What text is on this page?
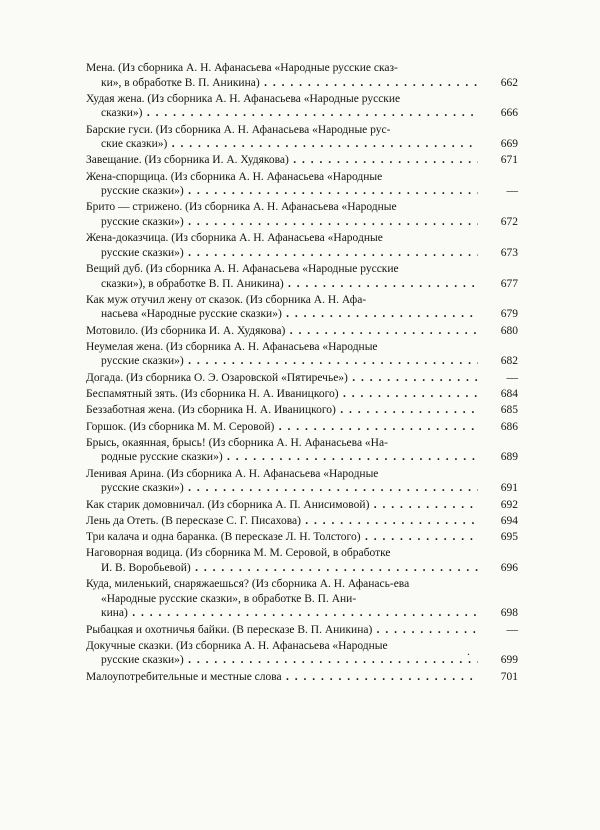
Мена. (Из сборника А. Н. Афанасьева «Народные русские сказ-
ки», в обработке В. П. Аникина) . . .	662
Худая жена. (Из сборника А. Н. Афанасьева «Народные русские
сказки») . . .	666
Барские гуси. (Из сборника А. Н. Афанасьева «Народные рус-
ские сказки») . . .	669
Завещание. (Из сборника И. А. Худякова) . . .	671
Жена-спорщица. (Из сборника А. Н. Афанасьева «Народные
русские сказки») . . .	—
Брито — стрижено. (Из сборника А. Н. Афанасьева «Народные
русские сказки») . . .	672
Жена-доказчица. (Из сборника А. Н. Афанасьева «Народные
русские сказки») . . .	673
Вещий дуб. (Из сборника А. Н. Афанасьева «Народные русские
сказки»), в обработке В. П. Аникина) . . .	677
Как муж отучил жену от сказок. (Из сборника А. Н. Афа-
насьева «Народные русские сказки») . . .	679
Мотовило. (Из сборника И. А. Худякова) . . .	680
Неумелая жена. (Из сборника А. Н. Афанасьева «Народные
русские сказки») . . .	682
Догада. (Из сборника О. Э. Озаровской «Пятиречье») . . .	—
Беспамятный зять. (Из сборника Н. А. Иваницкого) . . .	684
Беззаботная жена. (Из сборника Н. А. Иваницкого) . . .	685
Горшок. (Из сборника М. М. Серовой) . . .	686
Брысь, окаянная, брысь! (Из сборника А. Н. Афанасьева «На-
родные русские сказки») . . .	689
Ленивая Арина. (Из сборника А. Н. Афанасьева «Народные
русские сказки») . . .	691
Как старик домовничал. (Из сборника А. П. Анисимовой) . . .	692
Лень да Отеть. (В пересказе С. Г. Писахова) . . .	694
Три калача и одна баранка. (В пересказе Л. Н. Толстого) . . .	695
Наговорная водица. (Из сборника М. М. Серовой, в обработке
И. В. Воробьевой) . . .	696
Куда, миленький, снаряжаешься? (Из сборника А. Н. Афанась-ева
«Народные русские сказки», в обработке В. П. Ани-
кина) . . .	698
Рыбацкая и охотничья байки. (В пересказе В. П. Аникина) . . .	—
Докучные сказки. (Из сборника А. Н. Афанасьева «Народные
русские сказки») . . .	699
Малоупотребительные и местные слова . . .	701
.
